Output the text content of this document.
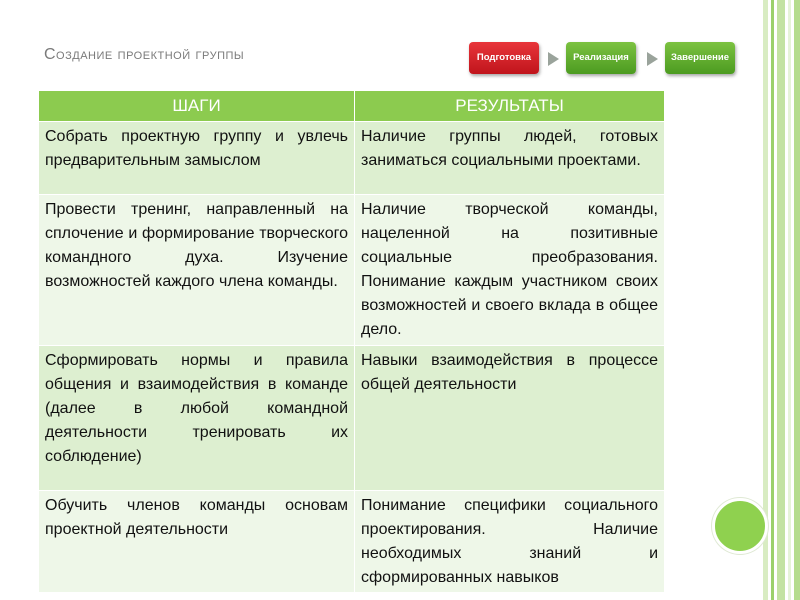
Создание проектной группы	Подготовка	Реализация	Завершение
ШАГИ	РЕЗУЛЬТАТЫ
Собрать проектную группу и увлечь предварительным замыслом	Наличие группы людей, готовых заниматься социальными проектами.
Провести тренинг, направленный на сплочение и формирование творческого командного духа. Изучение возможностей каждого члена команды.	Наличие творческой команды, нацеленной на позитивные социальные преобразования. Понимание каждым участником своих возможностей и своего вклада в общее дело.
Сформировать нормы и правила общения и взаимодействия в команде (далее в любой командной деятельности тренировать их соблюдение)	Навыки взаимодействия в процессе общей деятельности
Обучить членов команды основам проектной деятельности	Понимание специфики социального проектирования. Наличие необходимых знаний и сформированных навыков
